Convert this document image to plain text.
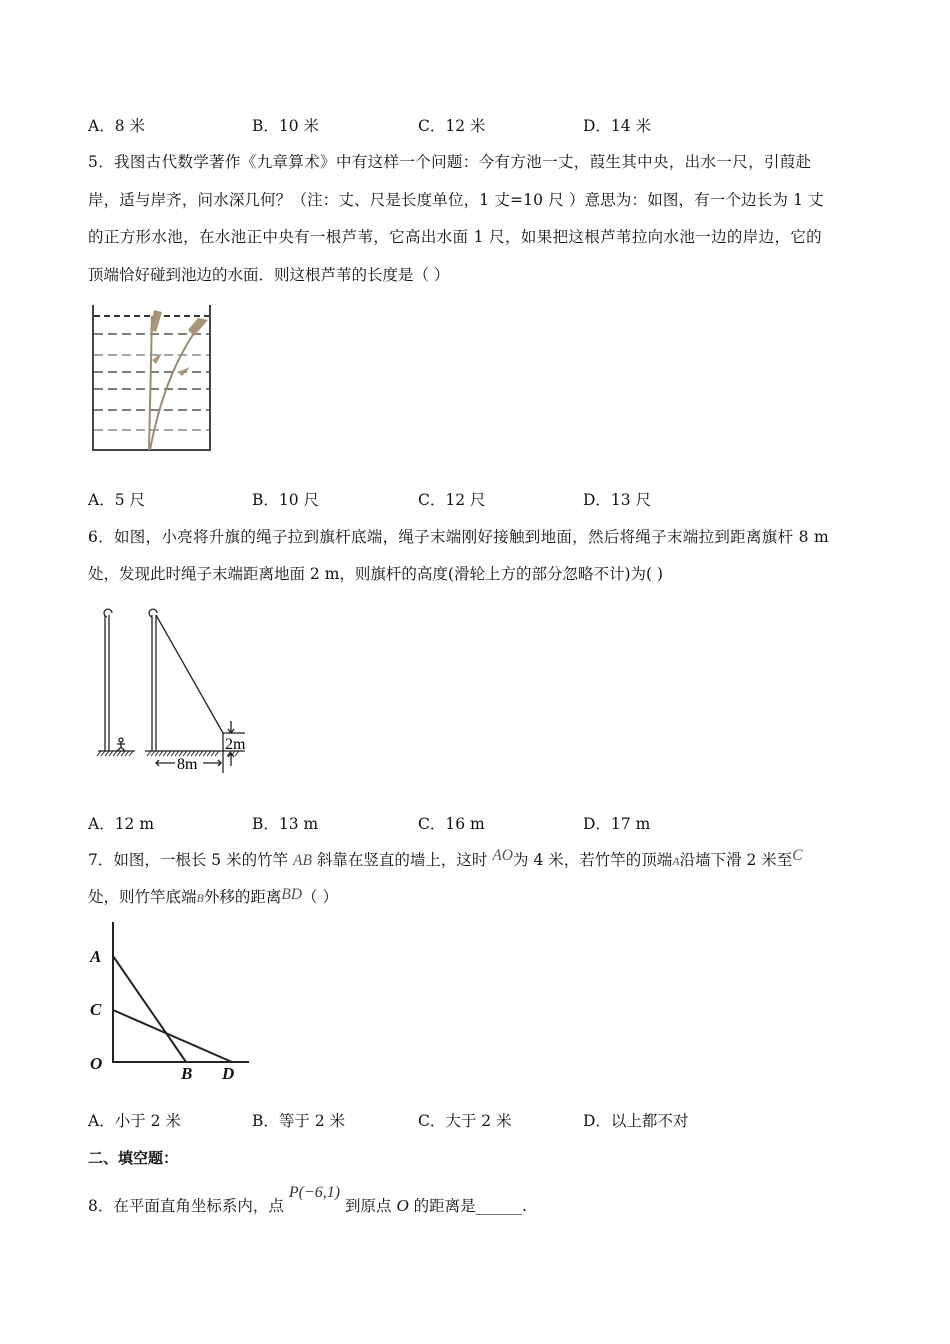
A．8 米	B．10 米	C．12 米	D．14 米
5．我图古代数学著作《九章算术》中有这样一个问题：今有方池一丈，葭生其中央，出水一尺，引葭赴
岸，适与岸齐，问水深几何？（注：丈、尺是长度单位，1 丈=10 尺 ）意思为：如图，有一个边长为 1 丈
的正方形水池，在水池正中央有一根芦苇，它高出水面 1 尺，如果把这根芦苇拉向水池一边的岸边，它的
顶端恰好碰到池边的水面．则这根芦苇的长度是（ ）
A．5 尺	B．10 尺	C．12 尺	D．13 尺
6．如图，小亮将升旗的绳子拉到旗杆底端，绳子末端刚好接触到地面，然后将绳子末端拉到距离旗杆 8 m
处，发现此时绳子末端距离地面 2 m，则旗杆的高度(滑轮上方的部分忽略不计)为( )
2m
8m
A．12 m	B．13 m	C．16 m	D．17 m
7．如图，一根长 5 米的竹竿 AB 斜靠在竖直的墙上，这时 AO为 4 米，若竹竿的顶端A沿墙下滑 2 米至C
处，则竹竿底端B外移的距离BD（ ）
A
C
O
B D
A．小于 2 米	B．等于 2 米	C．大于 2 米	D．以上都不对
二、填空题：
8．在平面直角坐标系内，点 P(−6,1) 到原点 O 的距离是______.
